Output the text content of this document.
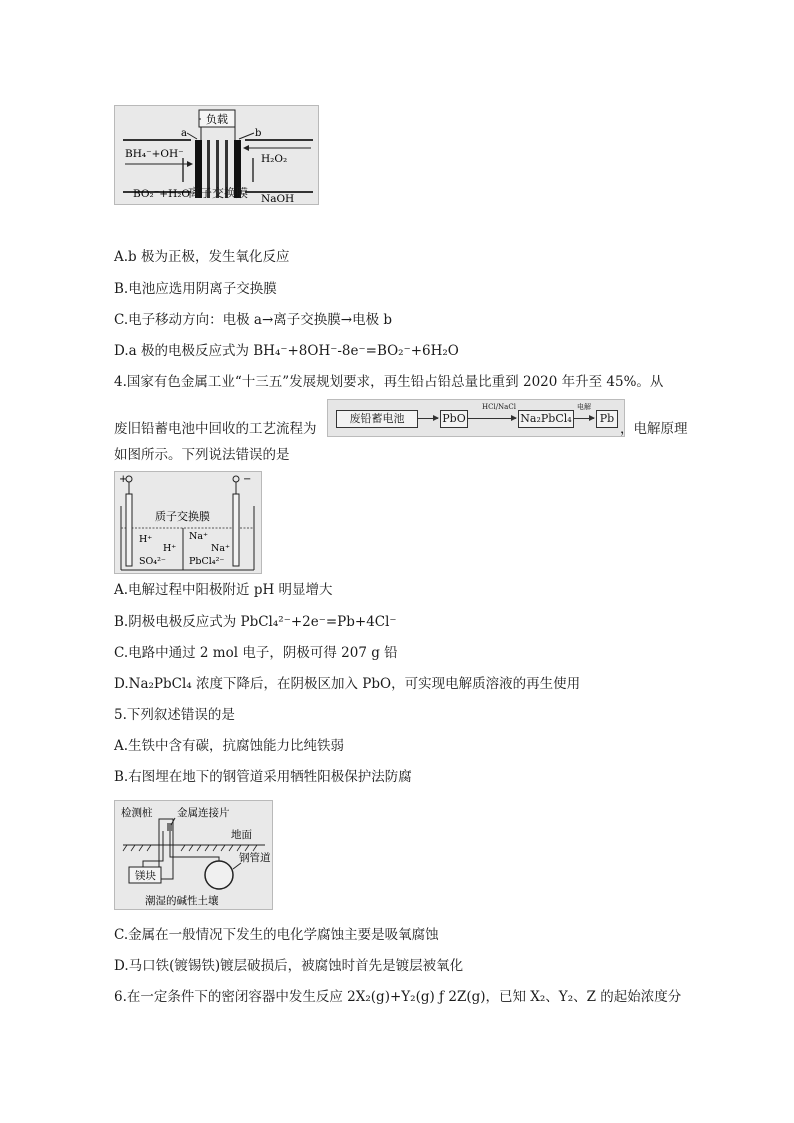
负载
a	b
BH₄⁻+OH⁻
BO₂⁻+H₂O
H₂O₂
NaOH
离子交换膜
A.b 极为正极，发生氧化反应
B.电池应选用阴离子交换膜
C.电子移动方向：电极 a→离子交换膜→电极 b
D.a 极的电极反应式为 BH₄⁻+8OH⁻-8e⁻=BO₂⁻+6H₂O
4.国家有色金属工业“十三五”发展规划要求，再生铅占铅总量比重到 2020 年升至 45%。从
废旧铅蓄电池中回收的工艺流程为
废铅蓄电池	PbO
HCl/NaCl
Na₂PbCl₄
电解
Pb
，电解原理
如图所示。下列说法错误的是
+	−
质子交换膜
H⁺
H⁺
SO₄²⁻
Na⁺
Na⁺
PbCl₄²⁻
A.电解过程中阳极附近 pH 明显增大
B.阴极电极反应式为 PbCl₄²⁻+2e⁻=Pb+4Cl⁻
C.电路中通过 2 mol 电子，阴极可得 207 g 铅
D.Na₂PbCl₄ 浓度下降后，在阴极区加入 PbO，可实现电解质溶液的再生使用
5.下列叙述错误的是
A.生铁中含有碳，抗腐蚀能力比纯铁弱
B.右图埋在地下的钢管道采用牺牲阳极保护法防腐
检测桩 金属连接片
地面
镁块
钢管道
潮湿的碱性土壤
C.金属在一般情况下发生的电化学腐蚀主要是吸氧腐蚀
D.马口铁(镀锡铁)镀层破损后，被腐蚀时首先是镀层被氧化
6.在一定条件下的密闭容器中发生反应 2X₂(g)+Y₂(g) ƒ 2Z(g)，已知 X₂、Y₂、Z 的起始浓度分
